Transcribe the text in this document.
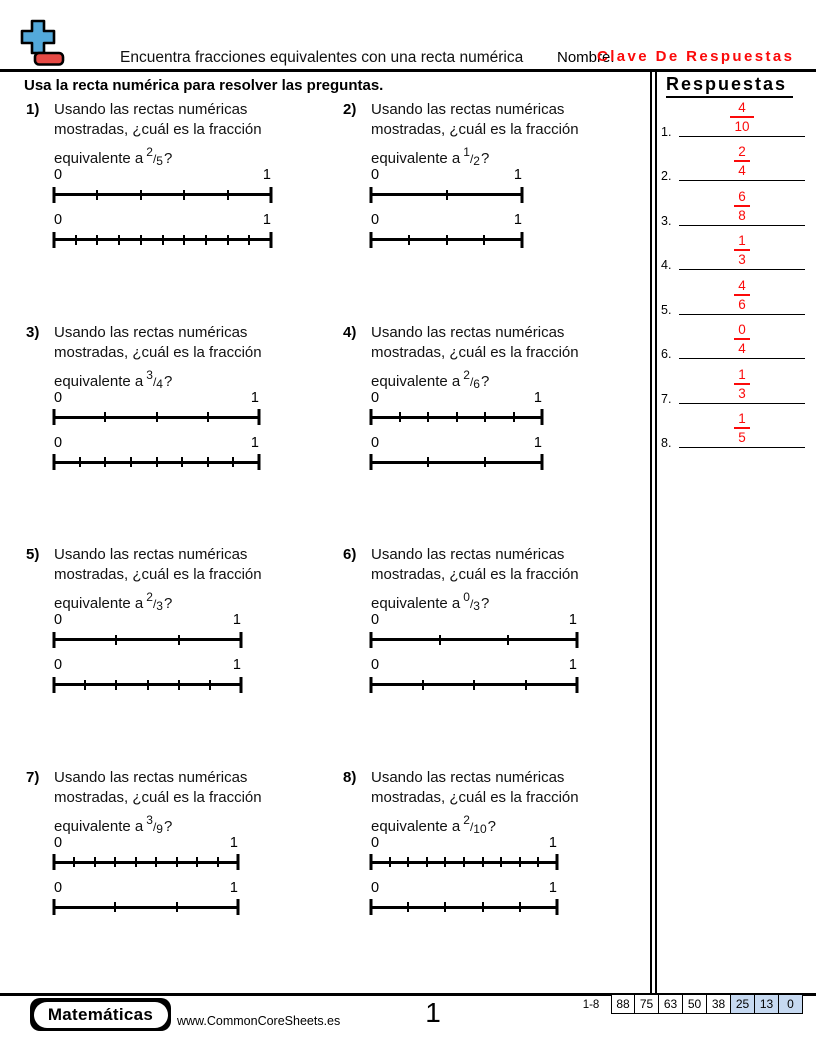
Encuentra fracciones equivalentes con una recta numérica Nombre:
Clave De Respuestas
Usa la recta numérica para resolver las preguntas.
1) Usando las rectas numéricas
mostradas, ¿cuál es la fracción
equivalente a $^2$/5?
0	1
0	1
2) Usando las rectas numéricas
mostradas, ¿cuál es la fracción
equivalente a $^1$/2?
0	1
0	1
3) Usando las rectas numéricas
mostradas, ¿cuál es la fracción
equivalente a $^3$/4?
0	1
0	1
4) Usando las rectas numéricas
mostradas, ¿cuál es la fracción
equivalente a $^2$/6?
0	1
0	1
5) Usando las rectas numéricas
mostradas, ¿cuál es la fracción
equivalente a $^2$/3?
0	1
0	1
6) Usando las rectas numéricas
mostradas, ¿cuál es la fracción
equivalente a $^0$/3?
0	1
0	1
7) Usando las rectas numéricas
mostradas, ¿cuál es la fracción
equivalente a $^3$/9?
0	1
0	1
8) Usando las rectas numéricas
mostradas, ¿cuál es la fracción
equivalente a $^2$/10?
0	1
0	1
Respuestas
1.	$\frac{4}{10}$
2.	$\frac{2}{4}$
3.	$\frac{6}{8}$
4.	$\frac{1}{3}$
5.	$\frac{4}{6}$
6.	$\frac{0}{4}$
7.	$\frac{1}{3}$
8.	$\frac{1}{5}$
Matemáticas	www.CommonCoreSheets.es	1	1-8	88 75 63 50 38 25 13	0
